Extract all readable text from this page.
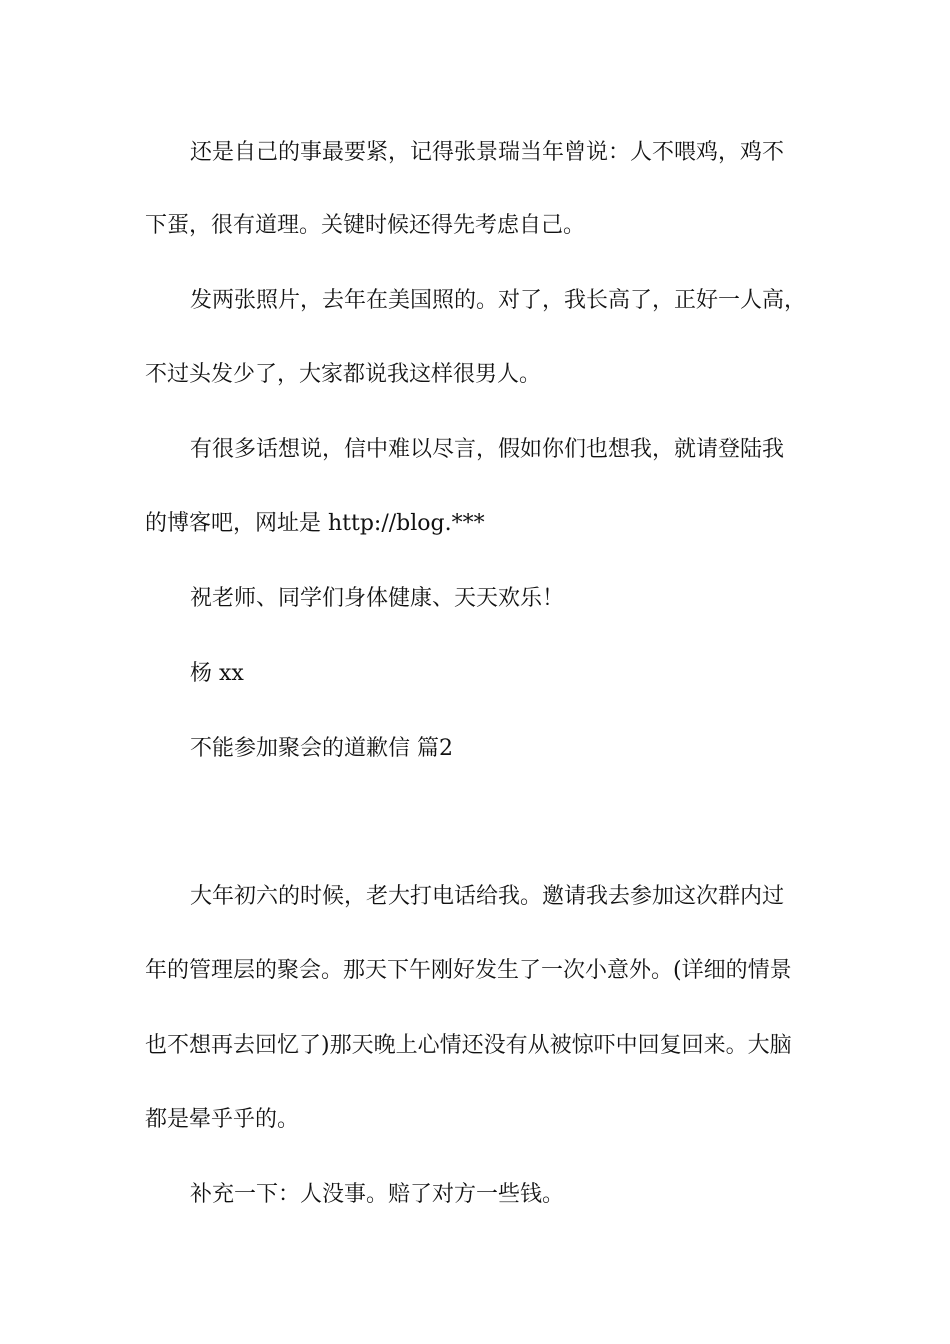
还是自己的事最要紧，记得张景瑞当年曾说：人不喂鸡，鸡不
下蛋，很有道理。关键时候还得先考虑自己。
发两张照片，去年在美国照的。对了，我长高了，正好一人高，
不过头发少了，大家都说我这样很男人。
有很多话想说，信中难以尽言，假如你们也想我，就请登陆我
的博客吧，网址是 http://blog.***
祝老师、同学们身体健康、天天欢乐！
杨 xx
不能参加聚会的道歉信 篇2
大年初六的时候，老大打电话给我。邀请我去参加这次群内过
年的管理层的聚会。那天下午刚好发生了一次小意外。(详细的情景
也不想再去回忆了)那天晚上心情还没有从被惊吓中回复回来。大脑
都是晕乎乎的。
补充一下：人没事。赔了对方一些钱。
